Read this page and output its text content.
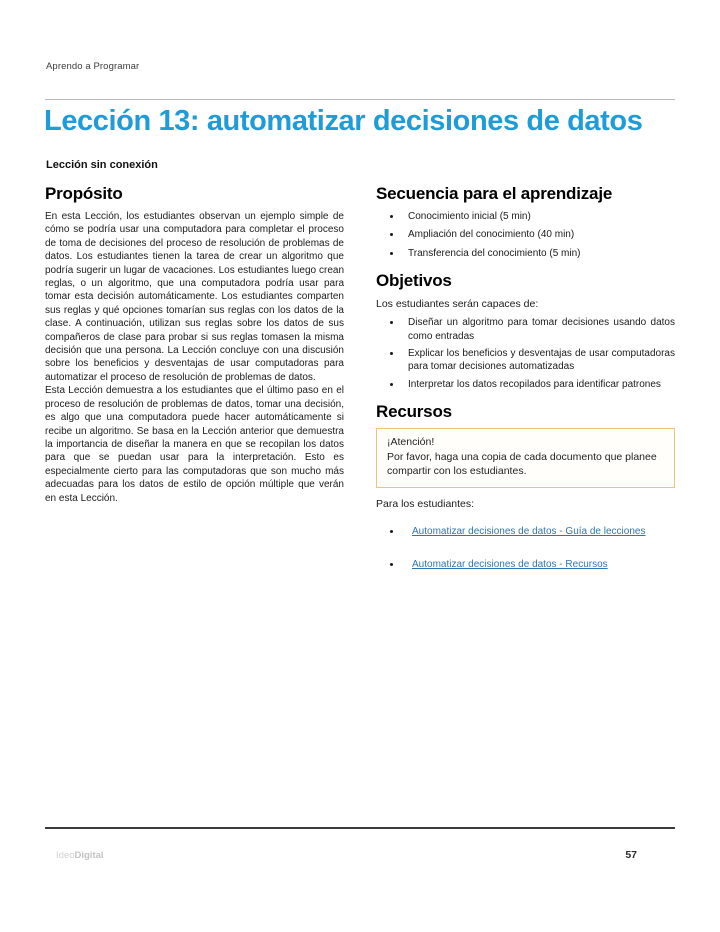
Aprendo a Programar
Lección 13: automatizar decisiones de datos
Lección sin conexión
Propósito

En esta Lección, los estudiantes observan un ejemplo simple de cómo se podría usar una computadora para completar el proceso de toma de decisiones del proceso de resolución de problemas de datos. Los estudiantes tienen la tarea de crear un algoritmo que podría sugerir un lugar de vacaciones. Los estudiantes luego crean reglas, o un algoritmo, que una computadora podría usar para tomar esta decisión automáticamente. Los estudiantes comparten sus reglas y qué opciones tomarían sus reglas con los datos de la clase. A continuación, utilizan sus reglas sobre los datos de sus compañeros de clase para probar si sus reglas tomasen la misma decisión que una persona. La Lección concluye con una discusión sobre los beneficios y desventajas de usar computadoras para automatizar el proceso de resolución de problemas de datos.

Esta Lección demuestra a los estudiantes que el último paso en el proceso de resolución de problemas de datos, tomar una decisión, es algo que una computadora puede hacer automáticamente si recibe un algoritmo. Se basa en la Lección anterior que demuestra la importancia de diseñar la manera en que se recopilan los datos para que se puedan usar para la interpretación. Esto es especialmente cierto para las computadoras que son mucho más adecuadas para los datos de estilo de opción múltiple que verán en esta Lección.

Secuencia para el aprendizaje
• Conocimiento inicial (5 min)
• Ampliación del conocimiento (40 min)
• Transferencia del conocimiento (5 min)
Objetivos

Los estudiantes serán capaces de:

• Diseñar un algoritmo para tomar decisiones usando datos como entradas
• Explicar los beneficios y desventajas de usar computadoras para tomar decisiones automatizadas
• Interpretar los datos recopilados para identificar patrones
Recursos

¡Atención!

Por favor, haga una copia de cada documento que planee compartir con los estudiantes.

Para los estudiantes:

• Automatizar decisiones de datos - Guía de lecciones
• Automatizar decisiones de datos - Recursos
IdeoDigital	57
